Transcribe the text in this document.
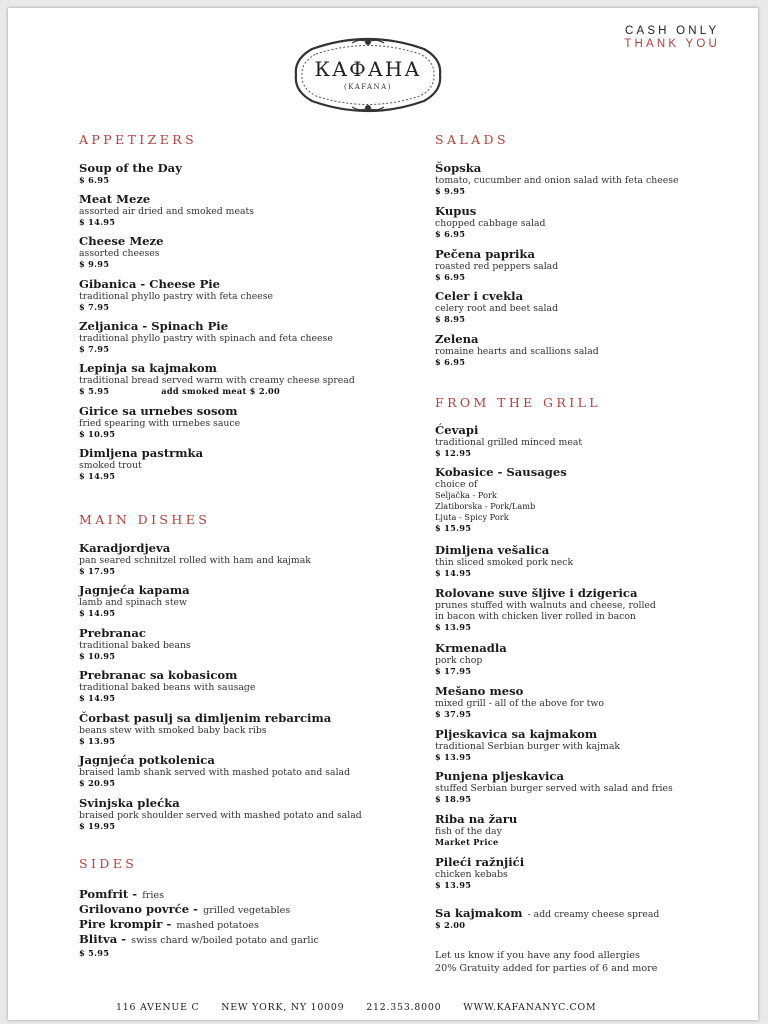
КАФАНА
(KAFANA)
CASH ONLY
THANK YOU
APPETIZERS
Soup of the Day
$ 6.95
Meat Meze
assorted air dried and smoked meats
$ 14.95
Cheese Meze
assorted cheeses
$ 9.95
Gibanica - Cheese Pie
traditional phyllo pastry with feta cheese
$ 7.95
Zeljanica - Spinach Pie
traditional phyllo pastry with spinach and feta cheese
$ 7.95
Lepinja sa kajmakom
traditional bread served warm with creamy cheese spread
$ 5.95	add smoked meat $ 2.00
Girice sa urnebes sosom
fried spearing with urnebes sauce
$ 10.95
Dimljena pastrmka
smoked trout
$ 14.95
MAIN DISHES
Karadjordjeva
pan seared schnitzel rolled with ham and kajmak
$ 17.95
Jagnjeća kapama
lamb and spinach stew
$ 14.95
Prebranac
traditional baked beans
$ 10.95
Prebranac sa kobasicom
traditional baked beans with sausage
$ 14.95
Čorbast pasulj sa dimljenim rebarcima
beans stew with smoked baby back ribs
$ 13.95
Jagnjeća potkolenica
braised lamb shank served with mashed potato and salad
$ 20.95
Svinjska plećka
braised pork shoulder served with mashed potato and salad
$ 19.95
SIDES
Pomfrit - fries
Grilovano povrće - grilled vegetables
Pire krompir - mashed potatoes
Blitva - swiss chard w/boiled potato and garlic
$ 5.95
SALADS
Šopska
tomato, cucumber and onion salad with feta cheese
$ 9.95
Kupus
chopped cabbage salad
$ 6.95
Pečena paprika
roasted red peppers salad
$ 6.95
Celer i cvekla
celery root and beet salad
$ 8.95
Zelena
romaine hearts and scallions salad
$ 6.95
FROM THE GRILL
Ćevapi
traditional grilled minced meat
$ 12.95
Kobasice - Sausages
choice of
Seljačka - Pork
Zlatiborska - Pork/Lamb
Ljuta - Spicy Pork
$ 15.95
Dimljena vešalica
thin sliced smoked pork neck
$ 14.95
Rolovane suve šljive i dzigerica
prunes stuffed with walnuts and cheese, rolled
in bacon with chicken liver rolled in bacon
$ 13.95
Krmenadla
pork chop
$ 17.95
Mešano meso
mixed grill - all of the above for two
$ 37.95
Pljeskavica sa kajmakom
traditional Serbian burger with kajmak
$ 13.95
Punjena pljeskavica
stuffed Serbian burger served with salad and fries
$ 18.95
Riba na žaru
fish of the day
Market Price
Pileći ražnjići
chicken kebabs
$ 13.95
Sa kajmakom - add creamy cheese spread
$ 2.00
Let us know if you have any food allergies
20% Gratuity added for parties of 6 and more
116 AVENUE C NEW YORK, NY 10009 212.353.8000 WWW.KAFANANYC.COM
